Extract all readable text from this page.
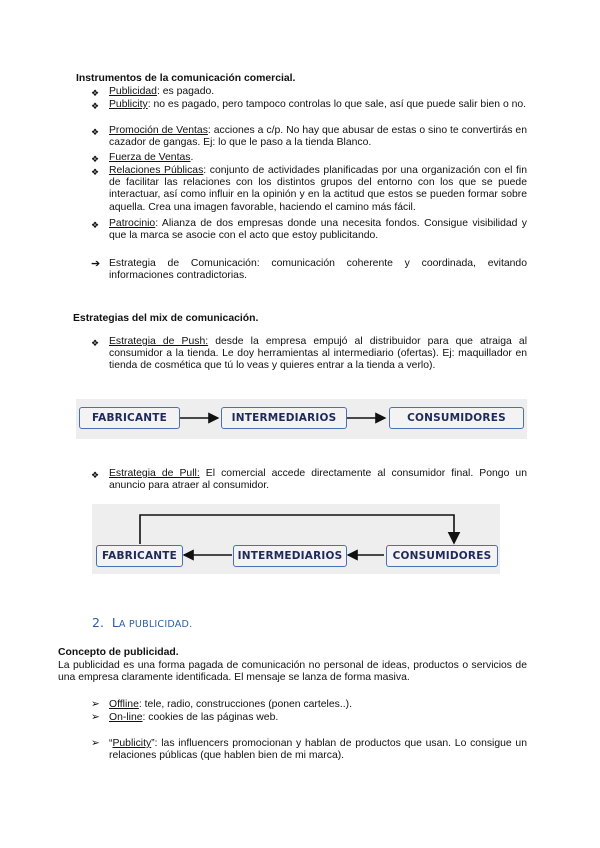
Instrumentos de la comunicación comercial.
❖ Publicidad: es pagado.
❖ Publicity: no es pagado, pero tampoco controlas lo que sale, así que puede salir bien o no.
❖ Promoción de Ventas: acciones a c/p. No hay que abusar de estas o sino te convertirás en cazador de gangas. Ej: lo que le paso a la tienda Blanco.
❖ Fuerza de Ventas.
❖ Relaciones Públicas: conjunto de actividades planificadas por una organización con el fin de facilitar las relaciones con los distintos grupos del entorno con los que se puede interactuar, así como influir en la opinión y en la actitud que estos se pueden formar sobre aquella. Crea una imagen favorable, haciendo el camino más fácil.
❖ Patrocinio: Alianza de dos empresas donde una necesita fondos. Consigue visibilidad y que la marca se asocie con el acto que estoy publicitando.
➔ Estrategia de Comunicación: comunicación coherente y coordinada, evitando informaciones contradictorias.
Estrategias del mix de comunicación.
❖ Estrategia de Push: desde la empresa empujó al distribuidor para que atraiga al consumidor a la tienda. Le doy herramientas al intermediario (ofertas). Ej: maquillador en tienda de cosmética que tú lo veas y quieres entrar a la tienda a verlo).
FABRICANTE	INTERMEDIARIOS	CONSUMIDORES
❖ Estrategia de Pull: El comercial accede directamente al consumidor final. Pongo un anuncio para atraer al consumidor.
FABRICANTE	INTERMEDIARIOS	CONSUMIDORES
2. LA PUBLICIDAD.
Concepto de publicidad.
La publicidad es una forma pagada de comunicación no personal de ideas, productos o servicios de una empresa claramente identificada. El mensaje se lanza de forma masiva.
➢ Offline: tele, radio, construcciones (ponen carteles..).
➢ On-line: cookies de las páginas web.
➢ “Publicity”: las influencers promocionan y hablan de productos que usan. Lo consigue un relaciones públicas (que hablen bien de mi marca).
